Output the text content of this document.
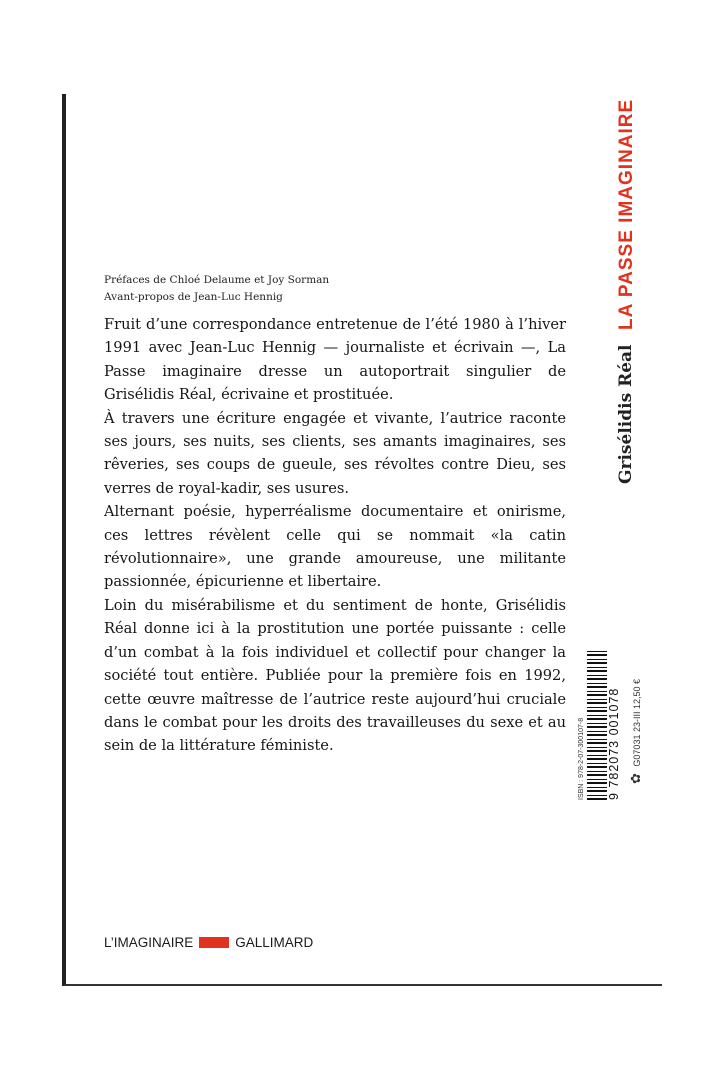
Préfaces de Chloé Delaume et Joy Sorman
Avant-propos de Jean-Luc Hennig

Fruit d’une correspondance entretenue de l’été 1980 à l’hiver 1991 avec Jean-Luc Hennig — journaliste et écrivain —, La Passe imaginaire dresse un autoportrait singulier de Grisélidis Réal, écrivaine et prostituée.

À travers une écriture engagée et vivante, l’autrice raconte ses jours, ses nuits, ses clients, ses amants imaginaires, ses rêveries, ses coups de gueule, ses révoltes contre Dieu, ses verres de royal-kadir, ses usures.

Alternant poésie, hyperréalisme documentaire et onirisme, ces lettres révèlent celle qui se nommait «la catin révolutionnaire», une grande amoureuse, une militante passionnée, épicurienne et libertaire.

Loin du misérabilisme et du sentiment de honte, Grisélidis Réal donne ici à la prostitution une portée puissante : celle d’un combat à la fois individuel et collectif pour changer la société tout entière. Publiée pour la première fois en 1992, cette œuvre maîtresse de l’autrice reste aujourd’hui cruciale dans le combat pour les droits des travailleuses du sexe et au sein de la littérature féministe.

LA PASSE IMAGINAIRE
Grisélidis Réal
✿ G07031 23-III 12,50 €
ISBN : 978-2-07-300107-8 9 782073 001078
L’IMAGINAIRE	GALLIMARD
